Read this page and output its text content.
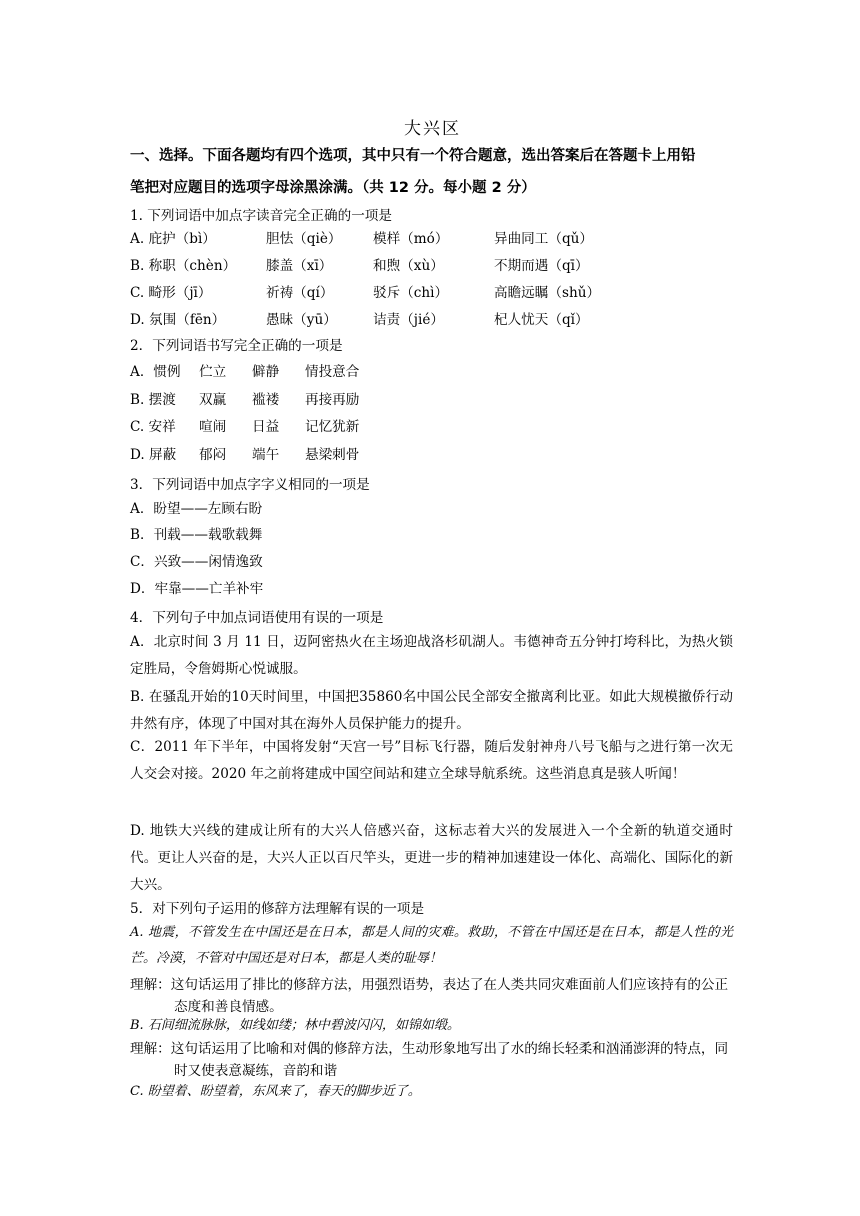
大兴区
一、选择。下面各题均有四个选项，其中只有一个符合题意，选出答案后在答题卡上用铅
笔把对应题目的选项字母涂黑涂满。（共 12 分。每小题 2 分）
1. 下列词语中加点字读音完全正确的一项是
A. 庇护（bì）	胆怯（qiè） 模样（mó）	异曲同工（qǔ）
B. 称职（chèn） 膝盖（xī）	和煦（xù）	不期而遇（qī）
C. 畸形（jī）	祈祷（qí）	驳斥（chì）	高瞻远瞩（shǔ）
D. 氛围（fēn）	愚昧（yū）	诘责（jié）	杞人忧天（qǐ）
2．下列词语书写完全正确的一项是
A．惯例 伫立 僻静 情投意合
B. 摆渡 双赢 褴褛 再接再励
C. 安祥 喧闹 日益 记忆犹新
D. 屏蔽 郁闷 端午 悬梁刺骨
3．下列词语中加点字字义相同的一项是
A．盼望——左顾右盼
B．刊载——载歌载舞
C．兴致——闲情逸致
D．牢靠——亡羊补牢
4．下列句子中加点词语使用有误的一项是
A．北京时间 3 月 11 日，迈阿密热火在主场迎战洛杉矶湖人。韦德神奇五分钟打垮科比，为热火锁定胜局，令詹姆斯心悦诚服。
B. 在骚乱开始的10天时间里，中国把35860名中国公民全部安全撤离利比亚。如此大规模撤侨行动井然有序，体现了中国对其在海外人员保护能力的提升。
C．2011 年下半年，中国将发射“天宫一号”目标飞行器，随后发射神舟八号飞船与之进行第一次无人交会对接。2020 年之前将建成中国空间站和建立全球导航系统。这些消息真是骇人听闻！
D. 地铁大兴线的建成让所有的大兴人倍感兴奋，这标志着大兴的发展进入一个全新的轨道交通时代。更让人兴奋的是，大兴人正以百尺竿头，更进一步的精神加速建设一体化、高端化、国际化的新大兴。
5．对下列句子运用的修辞方法理解有误的一项是
A. 地震，不管发生在中国还是在日本，都是人间的灾难。救助，不管在中国还是在日本，都是人性的光芒。冷漠，不管对中国还是对日本，都是人类的耻辱！
理解：这句话运用了排比的修辞方法，用强烈语势，表达了在人类共同灾难面前人们应该持有的公正态度和善良情感。
B. 石间细流脉脉，如线如缕；林中碧波闪闪，如锦如缎。
理解：这句话运用了比喻和对偶的修辞方法，生动形象地写出了水的绵长轻柔和汹涌澎湃的特点，同时又使表意凝练，音韵和谐
C. 盼望着、盼望着，东风来了，春天的脚步近了。
